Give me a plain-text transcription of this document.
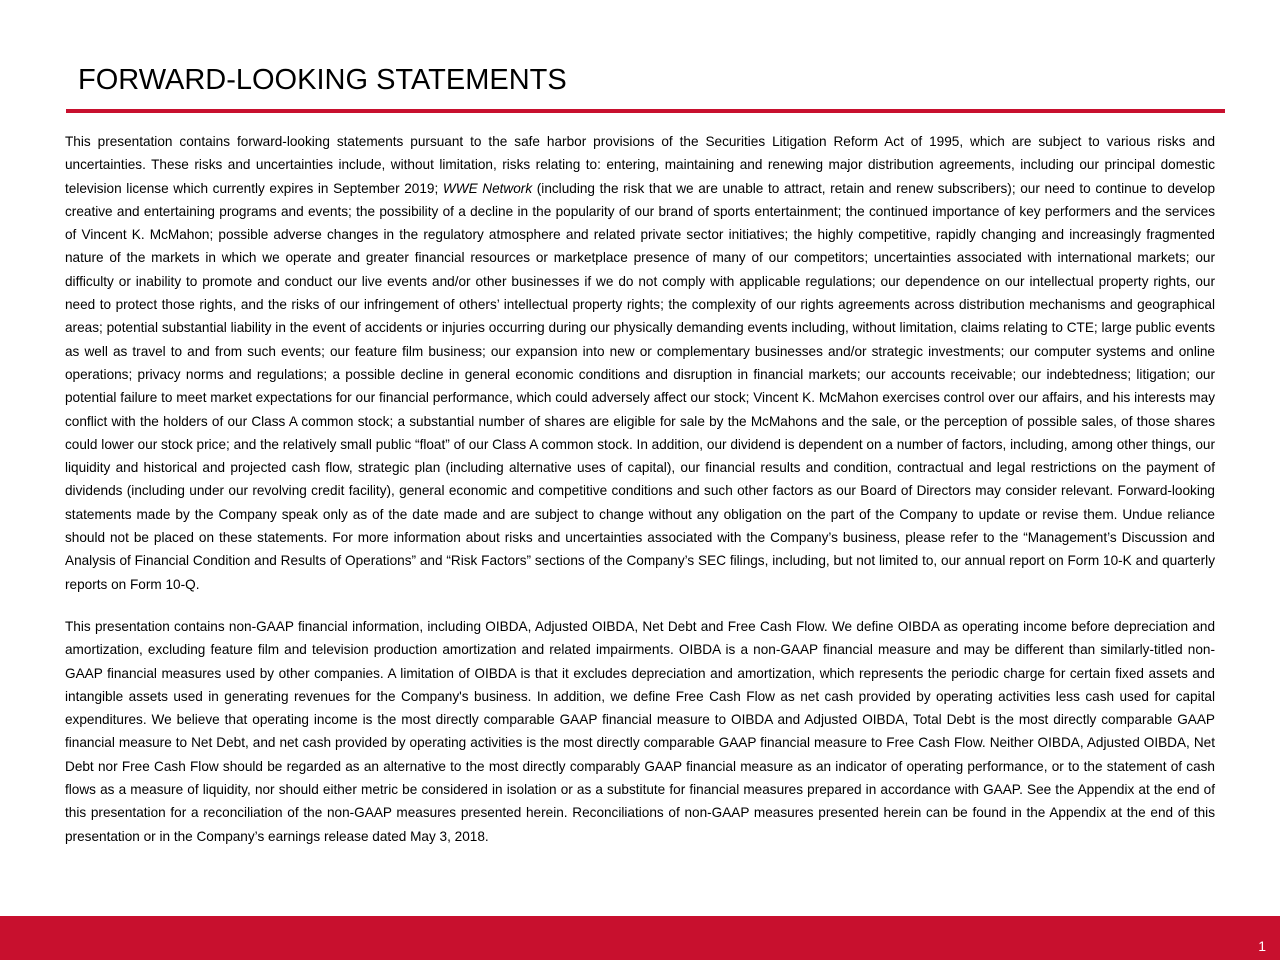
FORWARD-LOOKING STATEMENTS

This presentation contains forward-looking statements pursuant to the safe harbor provisions of the Securities Litigation Reform Act of 1995, which are subject to various risks and uncertainties. These risks and uncertainties include, without limitation, risks relating to: entering, maintaining and renewing major distribution agreements, including our principal domestic television license which currently expires in September 2019; WWE Network (including the risk that we are unable to attract, retain and renew subscribers); our need to continue to develop creative and entertaining programs and events; the possibility of a decline in the popularity of our brand of sports entertainment; the continued importance of key performers and the services of Vincent K. McMahon; possible adverse changes in the regulatory atmosphere and related private sector initiatives; the highly competitive, rapidly changing and increasingly fragmented nature of the markets in which we operate and greater financial resources or marketplace presence of many of our competitors; uncertainties associated with international markets; our difficulty or inability to promote and conduct our live events and/or other businesses if we do not comply with applicable regulations; our dependence on our intellectual property rights, our need to protect those rights, and the risks of our infringement of others’ intellectual property rights; the complexity of our rights agreements across distribution mechanisms and geographical areas; potential substantial liability in the event of accidents or injuries occurring during our physically demanding events including, without limitation, claims relating to CTE; large public events as well as travel to and from such events; our feature film business; our expansion into new or complementary businesses and/or strategic investments; our computer systems and online operations; privacy norms and regulations; a possible decline in general economic conditions and disruption in financial markets; our accounts receivable; our indebtedness; litigation; our potential failure to meet market expectations for our financial performance, which could adversely affect our stock; Vincent K. McMahon exercises control over our affairs, and his interests may conflict with the holders of our Class A common stock; a substantial number of shares are eligible for sale by the McMahons and the sale, or the perception of possible sales, of those shares could lower our stock price; and the relatively small public “float” of our Class A common stock. In addition, our dividend is dependent on a number of factors, including, among other things, our liquidity and historical and projected cash flow, strategic plan (including alternative uses of capital), our financial results and condition, contractual and legal restrictions on the payment of dividends (including under our revolving credit facility), general economic and competitive conditions and such other factors as our Board of Directors may consider relevant. Forward-looking statements made by the Company speak only as of the date made and are subject to change without any obligation on the part of the Company to update or revise them. Undue reliance should not be placed on these statements. For more information about risks and uncertainties associated with the Company’s business, please refer to the “Management’s Discussion and Analysis of Financial Condition and Results of Operations” and “Risk Factors” sections of the Company’s SEC filings, including, but not limited to, our annual report on Form 10-K and quarterly reports on Form 10-Q.

This presentation contains non-GAAP financial information, including OIBDA, Adjusted OIBDA, Net Debt and Free Cash Flow. We define OIBDA as operating income before depreciation and amortization, excluding feature film and television production amortization and related impairments. OIBDA is a non-GAAP financial measure and may be different than similarly-titled non-GAAP financial measures used by other companies. A limitation of OIBDA is that it excludes depreciation and amortization, which represents the periodic charge for certain fixed assets and intangible assets used in generating revenues for the Company's business. In addition, we define Free Cash Flow as net cash provided by operating activities less cash used for capital expenditures. We believe that operating income is the most directly comparable GAAP financial measure to OIBDA and Adjusted OIBDA, Total Debt is the most directly comparable GAAP financial measure to Net Debt, and net cash provided by operating activities is the most directly comparable GAAP financial measure to Free Cash Flow. Neither OIBDA, Adjusted OIBDA, Net Debt nor Free Cash Flow should be regarded as an alternative to the most directly comparably GAAP financial measure as an indicator of operating performance, or to the statement of cash flows as a measure of liquidity, nor should either metric be considered in isolation or as a substitute for financial measures prepared in accordance with GAAP. See the Appendix at the end of this presentation for a reconciliation of the non-GAAP measures presented herein. Reconciliations of non-GAAP measures presented herein can be found in the Appendix at the end of this presentation or in the Company’s earnings release dated May 3, 2018.

1
